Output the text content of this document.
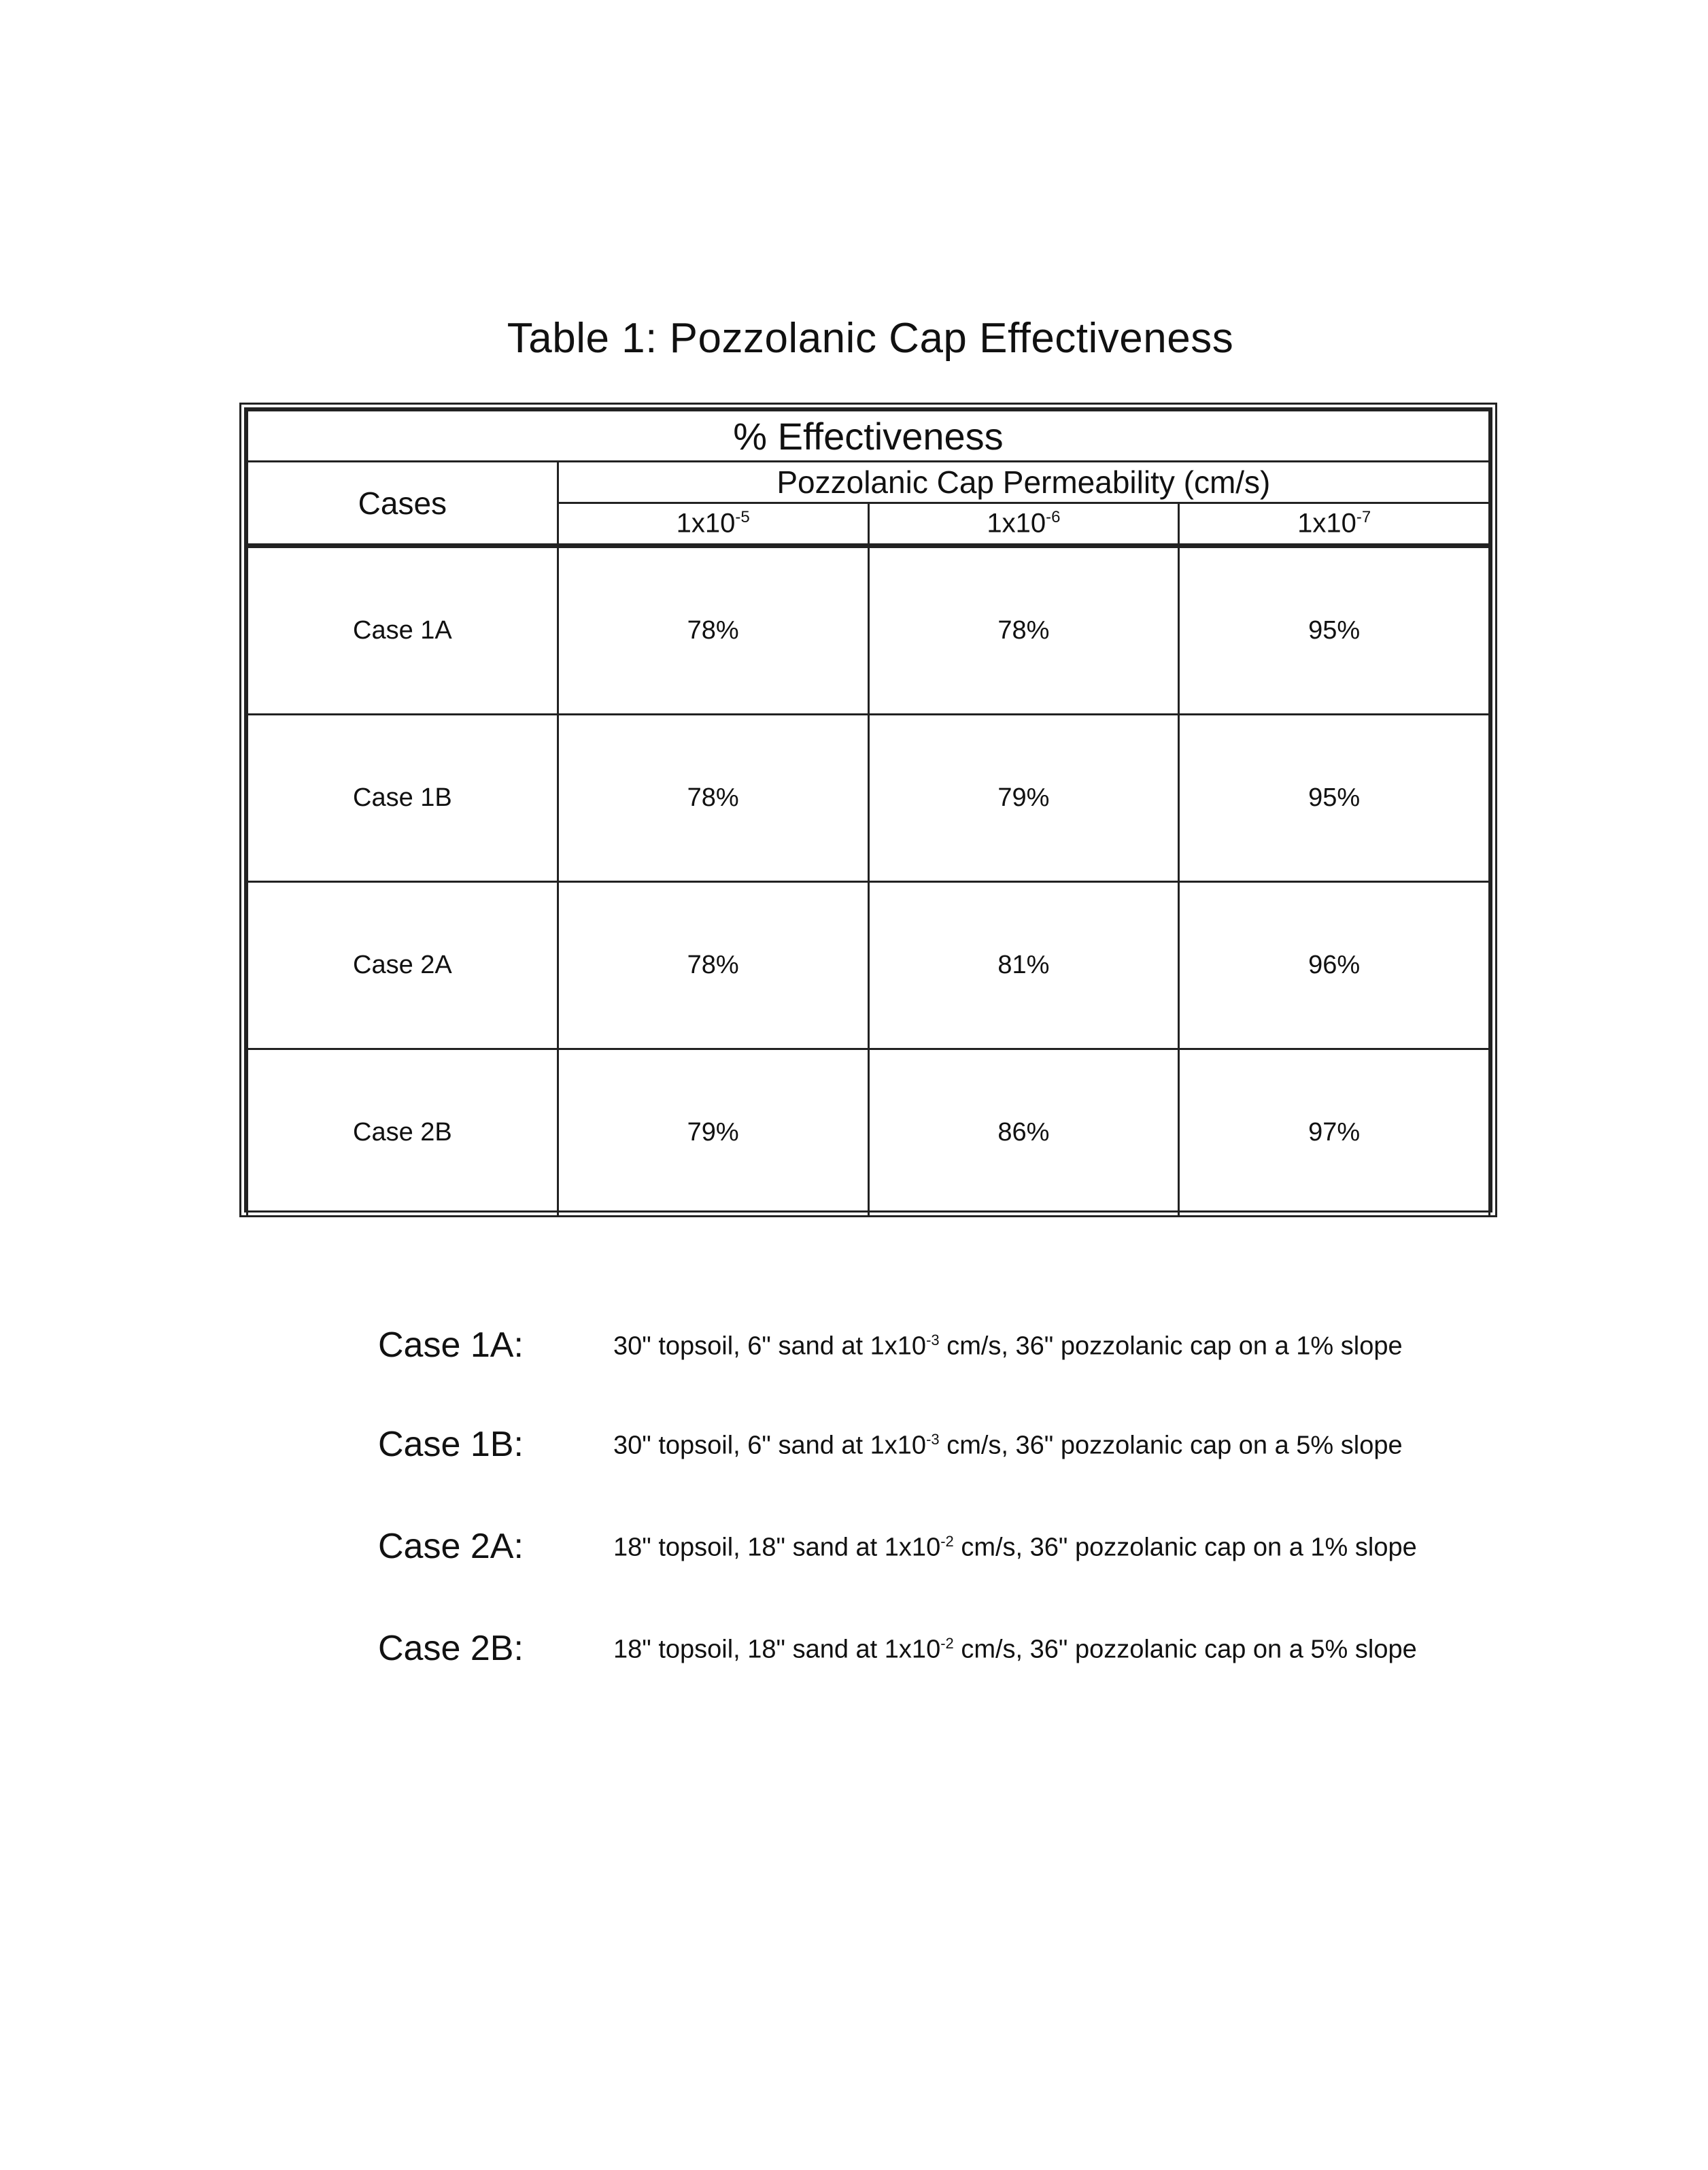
Table 1: Pozzolanic Cap Effectiveness
% Effectiveness			
Cases	Pozzolanic Cap Permeability (cm/s)		
	$1x10^{-5}$	$1x10^{-6}$	$1x10^{-7}$
Case 1A	78%	78%	95%
Case 1B	78%	79%	95%
Case 2A	78%	81%	96%
Case 2B	79%	86%	97%
Case 1A:	30" topsoil, 6" sand at $1x10^{-3}$ cm/s, 36" pozzolanic cap on a 1% slope
Case 1B:	30" topsoil, 6" sand at $1x10^{-3}$ cm/s, 36" pozzolanic cap on a 5% slope
Case 2A:	18" topsoil, 18" sand at $1x10^{-2}$ cm/s, 36" pozzolanic cap on a 1% slope
Case 2B:	18" topsoil, 18" sand at $1x10^{-2}$ cm/s, 36" pozzolanic cap on a 5% slope
